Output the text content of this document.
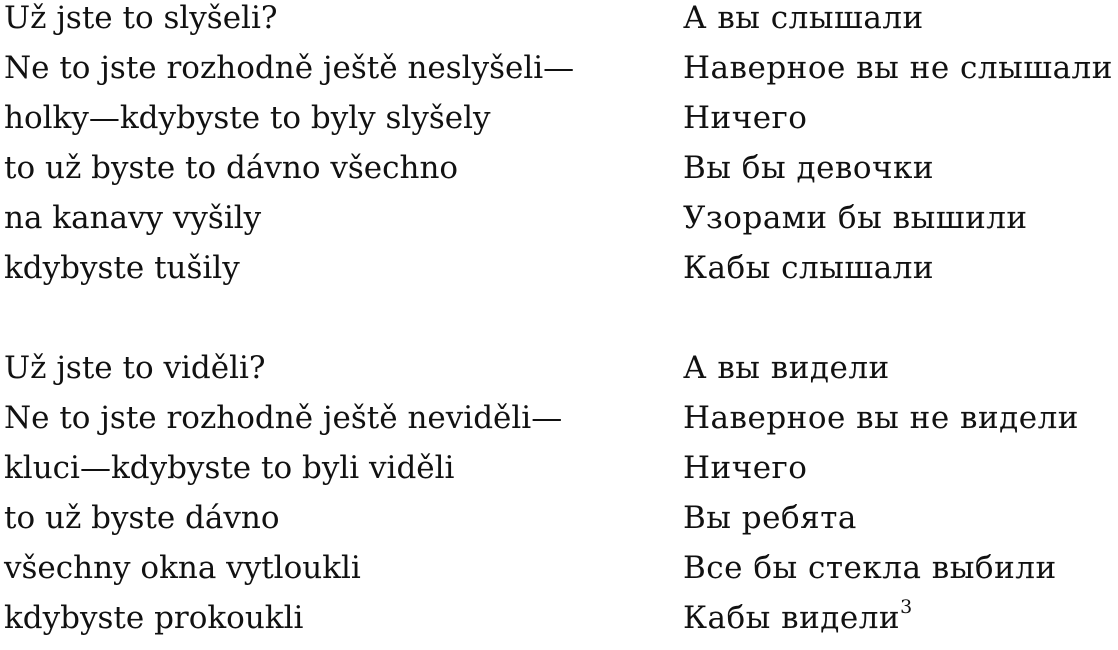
Už jste to slyšeli?
Ne to jste rozhodně ještě neslyšeli—
holky—kdybyste to byly slyšely
to už byste to dávno všechno
na kanavy vyšily
kdybyste tušily
Už jste to viděli?
Ne to jste rozhodně ještě neviděli—
kluci—kdybyste to byli viděli
to už byste dávno
všechny okna vytloukli
kdybyste prokoukli
А вы слышали
Наверное вы не слышали
Ничего
Вы бы девочки
Узорами бы вышили
Кабы слышали
А вы видели
Наверное вы не видели
Ничего
Вы ребята
Все бы стекла выбили
Кабы видели$^3$
